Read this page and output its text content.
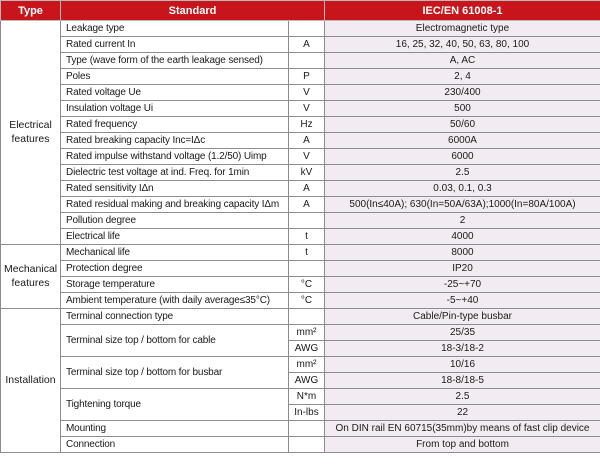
Type	Standard		IEC/EN 61008-1
Electrical features	Leakage type		Electromagnetic type
	Rated current In	A	16, 25, 32, 40, 50, 63, 80, 100
	Type (wave form of the earth leakage sensed)		A, AC
	Poles	P	2, 4
	Rated voltage Ue	V	230/400
	Insulation voltage Ui	V	500
	Rated frequency	Hz	50/60
	Rated breaking capacity Inc=IΔc	A	6000A
	Rated impulse withstand voltage (1.2/50) Uimp	V	6000
	Dielectric test voltage at ind. Freq. for 1min	kV	2.5
	Rated sensitivity IΔn	A	0.03, 0.1, 0.3
	Rated residual making and breaking capacity IΔm	A	500(In≤40A); 630(In=50A/63A);1000(In=80A/100A)
	Pollution degree		2
	Electrical life	t	4000
Mechanical features	Mechanical life	t	8000
	Protection degree		IP20
	Storage temperature	°C	-25~+70
	Ambient temperature (with daily average≤35°C)	°C	-5~+40
Installation	Terminal connection type		Cable/Pin-type busbar
	Terminal size top / bottom for cable	mm²	25/35
		AWG	18-3/18-2
	Terminal size top / bottom for busbar	mm²	10/16
		AWG	18-8/18-5
	Tightening torque	N*m	2.5
		In-lbs	22
	Mounting		On DIN rail EN 60715(35mm)by means of fast clip device
	Connection		From top and bottom
